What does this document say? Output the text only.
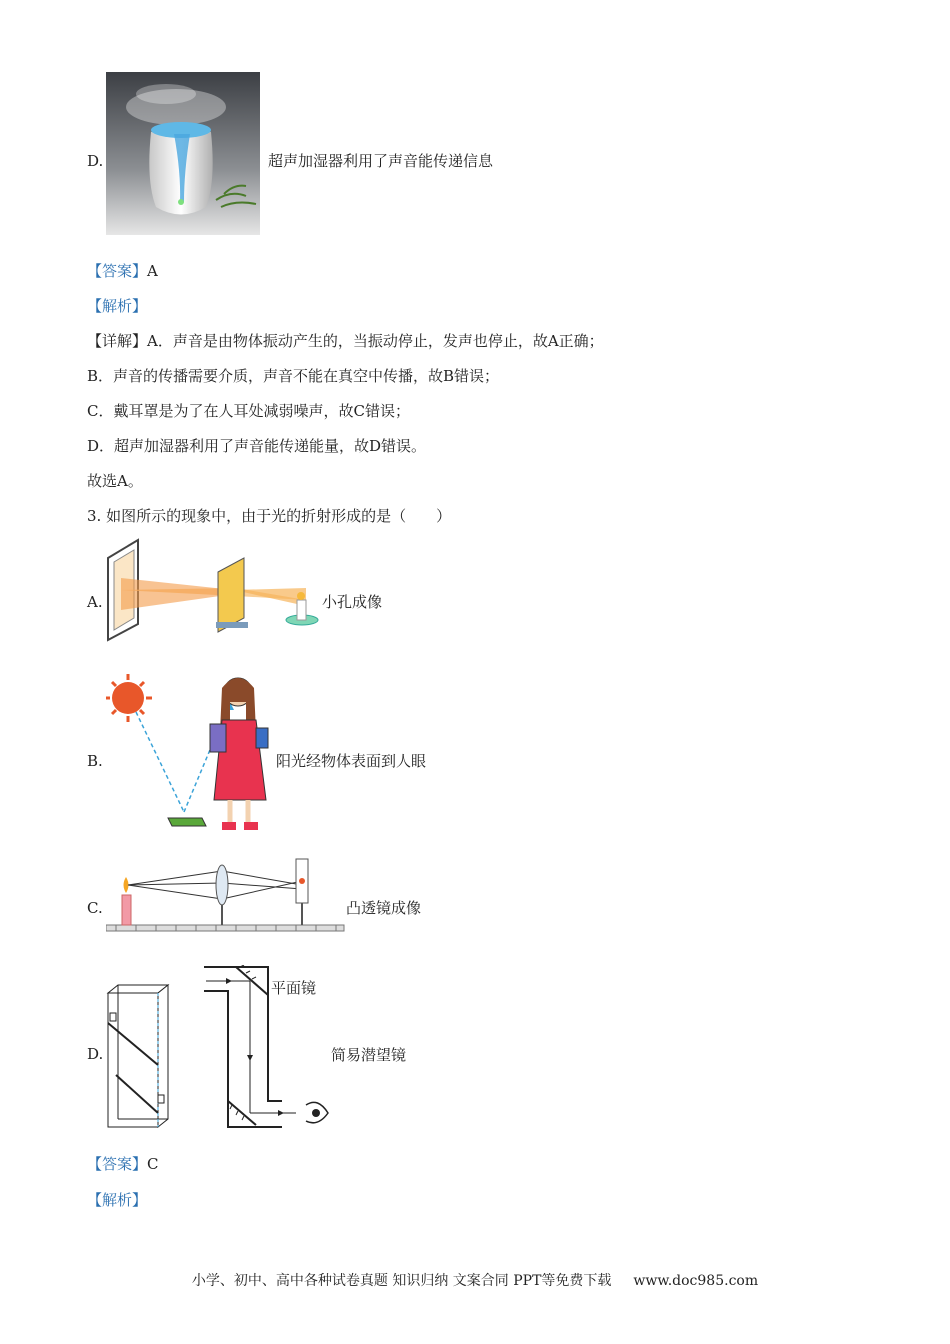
D.	超声加湿器利用了声音能传递信息
【答案】A
【解析】
【详解】A．声音是由物体振动产生的，当振动停止，发声也停止，故A正确；
B．声音的传播需要介质，声音不能在真空中传播，故B错误；
C．戴耳罩是为了在人耳处减弱噪声，故C错误；
D．超声加湿器利用了声音能传递能量，故D错误。
故选A。
3. 如图所示的现象中，由于光的折射形成的是（　　）
A.	小孔成像
B.	阳光经物体表面到人眼
C.	凸透镜成像
D.
平面镜
简易潜望镜
【答案】C
【解析】
小学、初中、高中各种试卷真题 知识归纳 文案合同 PPT等免费下载 www.doc985.com
